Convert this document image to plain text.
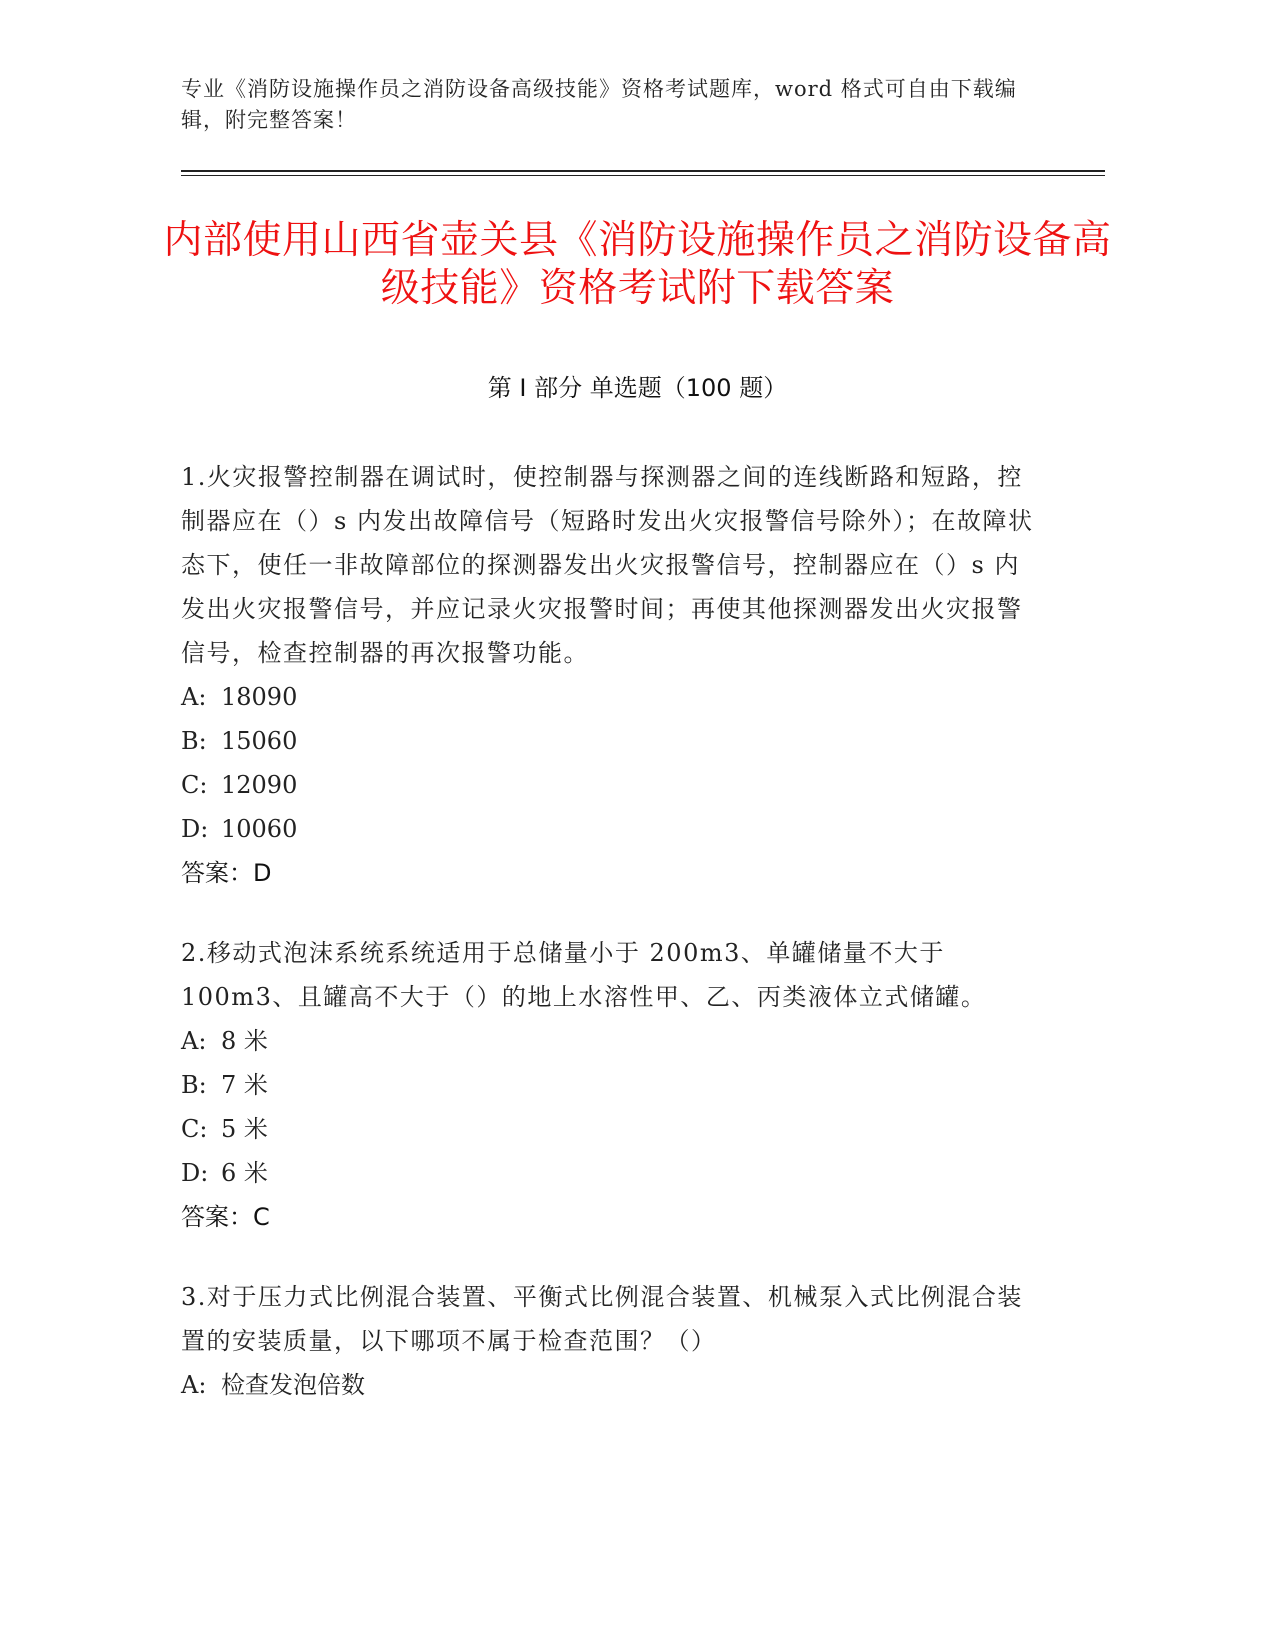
专业《消防设施操作员之消防设备高级技能》资格考试题库，word 格式可自由下载编辑，附完整答案！
内部使用山西省壶关县《消防设施操作员之消防设备高级技能》资格考试附下载答案
第 I 部分 单选题（100 题）

1.火灾报警控制器在调试时，使控制器与探测器之间的连线断路和短路，控制器应在（）s 内发出故障信号（短路时发出火灾报警信号除外）；在故障状态下，使任一非故障部位的探测器发出火灾报警信号，控制器应在（）s 内发出火灾报警信号，并应记录火灾报警时间；再使其他探测器发出火灾报警信号，检查控制器的再次报警功能。

A: 18090
B: 15060
C: 12090
D: 10060
答案：D

2.移动式泡沫系统系统适用于总储量小于 200m3、单罐储量不大于 100m3、且罐高不大于（）的地上水溶性甲、乙、丙类液体立式储罐。

A: 8 米
B: 7 米
C: 5 米
D: 6 米
答案：C

3.对于压力式比例混合装置、平衡式比例混合装置、机械泵入式比例混合装置的安装质量，以下哪项不属于检查范围？（）

A: 检查发泡倍数
